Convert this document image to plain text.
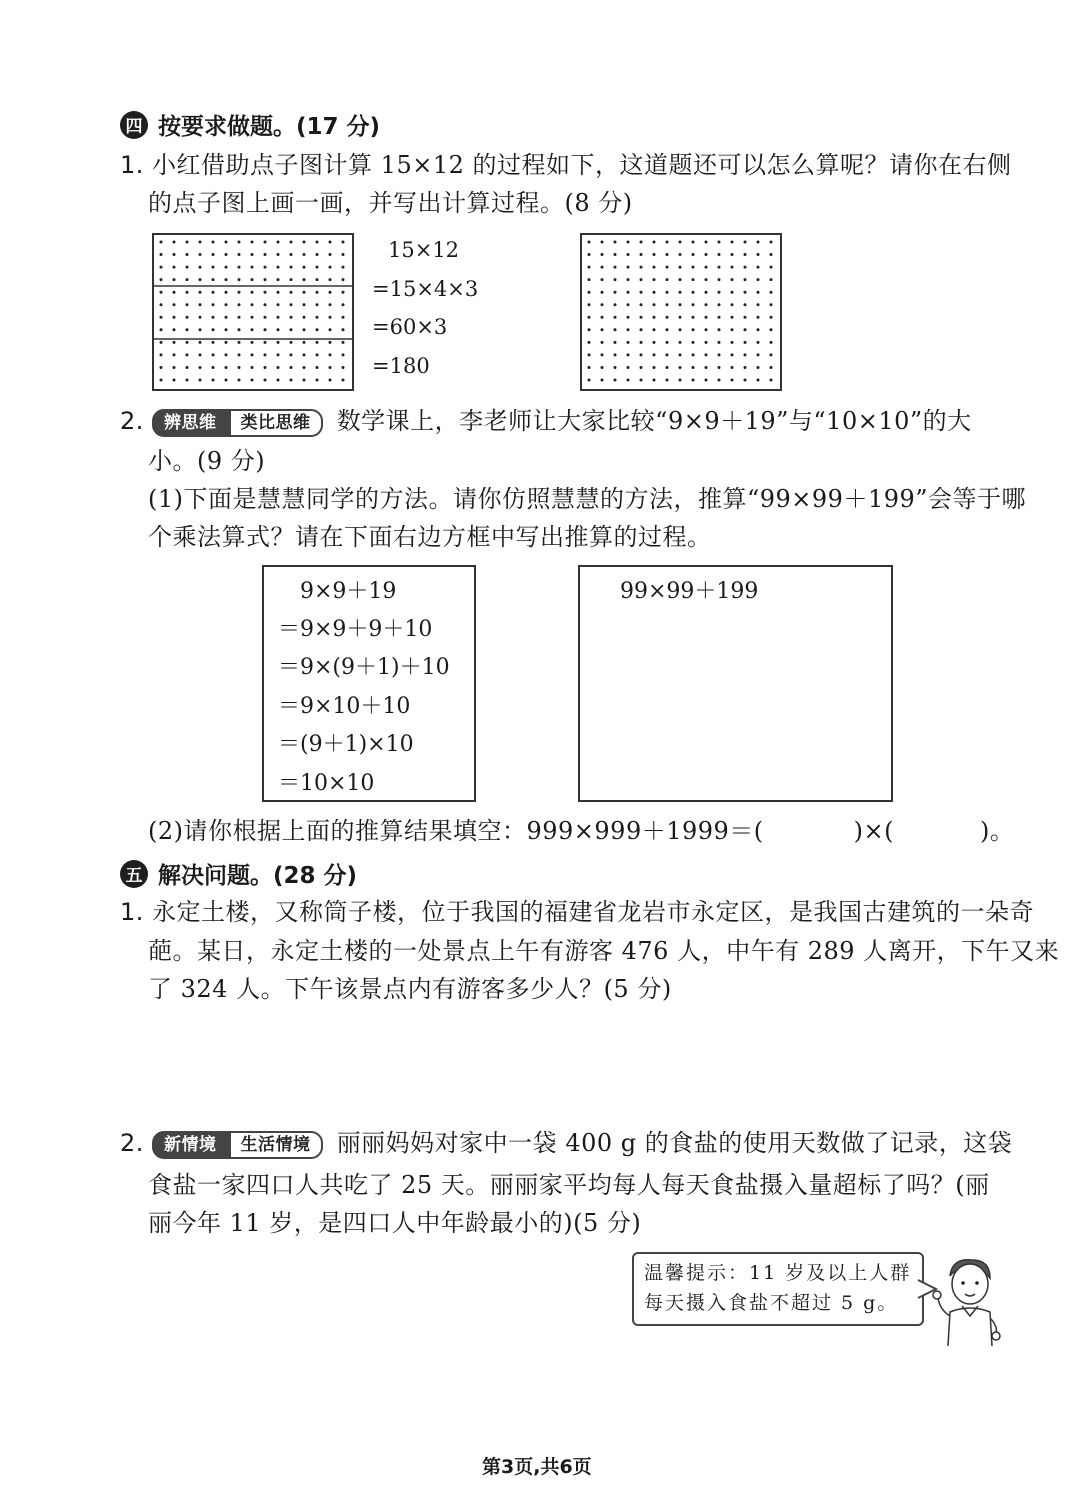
四 按要求做题。(17 分)
1. 小红借助点子图计算 15×12 的过程如下，这道题还可以怎么算呢？请你在右侧
的点子图上画一画，并写出计算过程。(8 分)
15×12
=15×4×3
=60×3
=180
2.	辨思维	类比思维	数学课上，李老师让大家比较“9×9＋19”与“10×10”的大
小。(9 分)
(1)下面是慧慧同学的方法。请你仿照慧慧的方法，推算“99×99＋199”会等于哪
个乘法算式？请在下面右边方框中写出推算的过程。
9×9＋19
＝9×9＋9＋10
＝9×(9＋1)＋10
＝9×10＋10
＝(9＋1)×10
＝10×10
99×99＋199
(2)请你根据上面的推算结果填空：999×999＋1999＝(	)×(	)。
五 解决问题。(28 分)
1. 永定土楼，又称筒子楼，位于我国的福建省龙岩市永定区，是我国古建筑的一朵奇
葩。某日，永定土楼的一处景点上午有游客 476 人，中午有 289 人离开，下午又来
了 324 人。下午该景点内有游客多少人？(5 分)
2.	新情境	生活情境	丽丽妈妈对家中一袋 400 g 的食盐的使用天数做了记录，这袋
食盐一家四口人共吃了 25 天。丽丽家平均每人每天食盐摄入量超标了吗？(丽
丽今年 11 岁，是四口人中年龄最小的)(5 分)
温馨提示：11 岁及以上人群
每天摄入食盐不超过 5 g。
第3页,共6页
